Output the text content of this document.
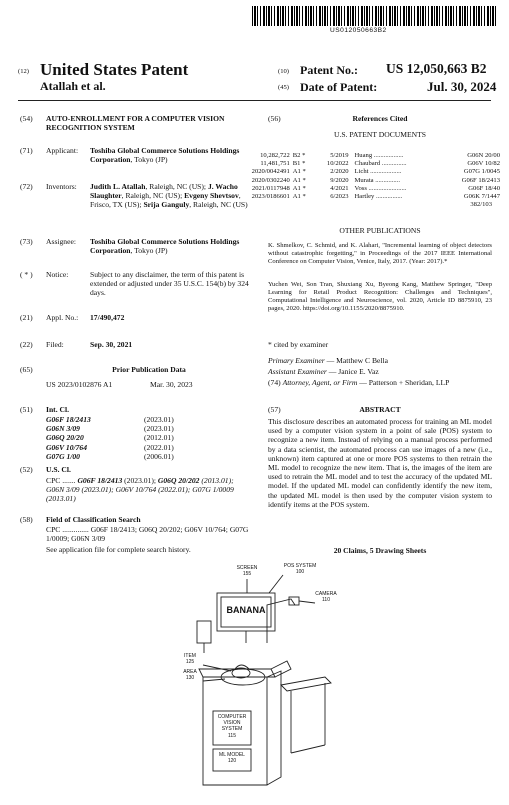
US012050663B2
(12) United States Patent
Atallah et al.
(10) Patent No.: US 12,050,663 B2
(45) Date of Patent:	Jul. 30, 2024
(54) AUTO-ENROLLMENT FOR A COMPUTER VISION RECOGNITION SYSTEM
(71) Applicant: Toshiba Global Commerce Solutions Holdings Corporation, Tokyo (JP)
(72) Inventors: Judith L. Atallah, Raleigh, NC (US); J. Wacho Slaughter, Raleigh, NC (US); Evgeny Shevtsov, Frisco, TX (US); Srija Ganguly, Raleigh, NC (US)
(73) Assignee: Toshiba Global Commerce Solutions Holdings Corporation, Tokyo (JP)
( * ) Notice:	Subject to any disclaimer, the term of this patent is extended or adjusted under 35 U.S.C. 154(b) by 324 days.
(21) Appl. No.: 17/490,472
(22) Filed:	Sep. 30, 2021
(65)	Prior Publication Data
US 2023/0102876 A1	Mar. 30, 2023
(51) Int. Cl.
G06F 18/2413	(2023.01)
G06N 3/09	(2023.01)
G06Q 20/20	(2012.01)
G06V 10/764	(2022.01)
G07G 1/00	(2006.01)
(52) U.S. Cl.
CPC ....... G06F 18/2413 (2023.01); G06Q 20/202 (2013.01); G06N 3/09 (2023.01); G06V 10/764 (2022.01); G07G 1/0009 (2013.01)
(58) Field of Classification Search
CPC .............. G06F 18/2413; G06Q 20/202; G06V 10/764; G07G 1/0009; G06N 3/09
See application file for complete search history.
(56)	References Cited
U.S. PATENT DOCUMENTS
10,282,722 B2 *	5/2019 Huang ..................	G06N 20/00
11,481,751 B1 *	10/2022 Chaubard ...............	G06V 10/82
2020/0042491 A1 *	2/2020 Licht ...................	G07G 1/0045
2020/0302240 A1 *	9/2020 Murata ...............	G06F 18/2413
2021/0117948 A1 *	4/2021 Voss .......................	G06F 18/40
2023/0186601 A1 *	6/2023 Hartley ................	G06K 7/1447
382/103
OTHER PUBLICATIONS
K. Shmelkov, C. Schmid, and K. Alahari, "Incremental learning of object detectors without catastrophic forgetting," in Proceedings of the 2017 IEEE International Conference on Computer Vision, Venice, Italy, 2017. (Year: 2017).*
Yuchen Wei, Son Tran, Shuxiang Xu, Byeong Kang, Matthew Springer, "Deep Learning for Retail Product Recognition: Challenges and Techniques", Computational Intelligence and Neuroscience, vol. 2020, Article ID 8875910, 23 pages, 2020. https://doi.org/10.1155/2020/8875910.
* cited by examiner
Primary Examiner — Matthew C Bella
Assistant Examiner — Janice E. Vaz
(74) Attorney, Agent, or Firm — Patterson + Sheridan, LLP
(57)	ABSTRACT
This disclosure describes an automated process for training an ML model used by a computer vision system in a point of sale (POS) system to recognize a new item. Instead of relying on a manual process performed by a data scientist, the automated process can use images of a new (i.e., unknown) item captured at one or more POS systems to then retrain the ML model to recognize the new item. That is, the images of the item are used to retrain the ML model and to test the accuracy of the updated ML model. If the updated ML model can confidently identify the new item, the updated ML model is then used by the computer vision system to identify items at the POS system.
20 Claims, 5 Drawing Sheets
SCREEN
155
POS SYSTEM
100
CAMERA
110
BANANA
ITEM
125
AREA
130
COMPUTER
VISION
SYSTEM
115
ML MODEL
120
